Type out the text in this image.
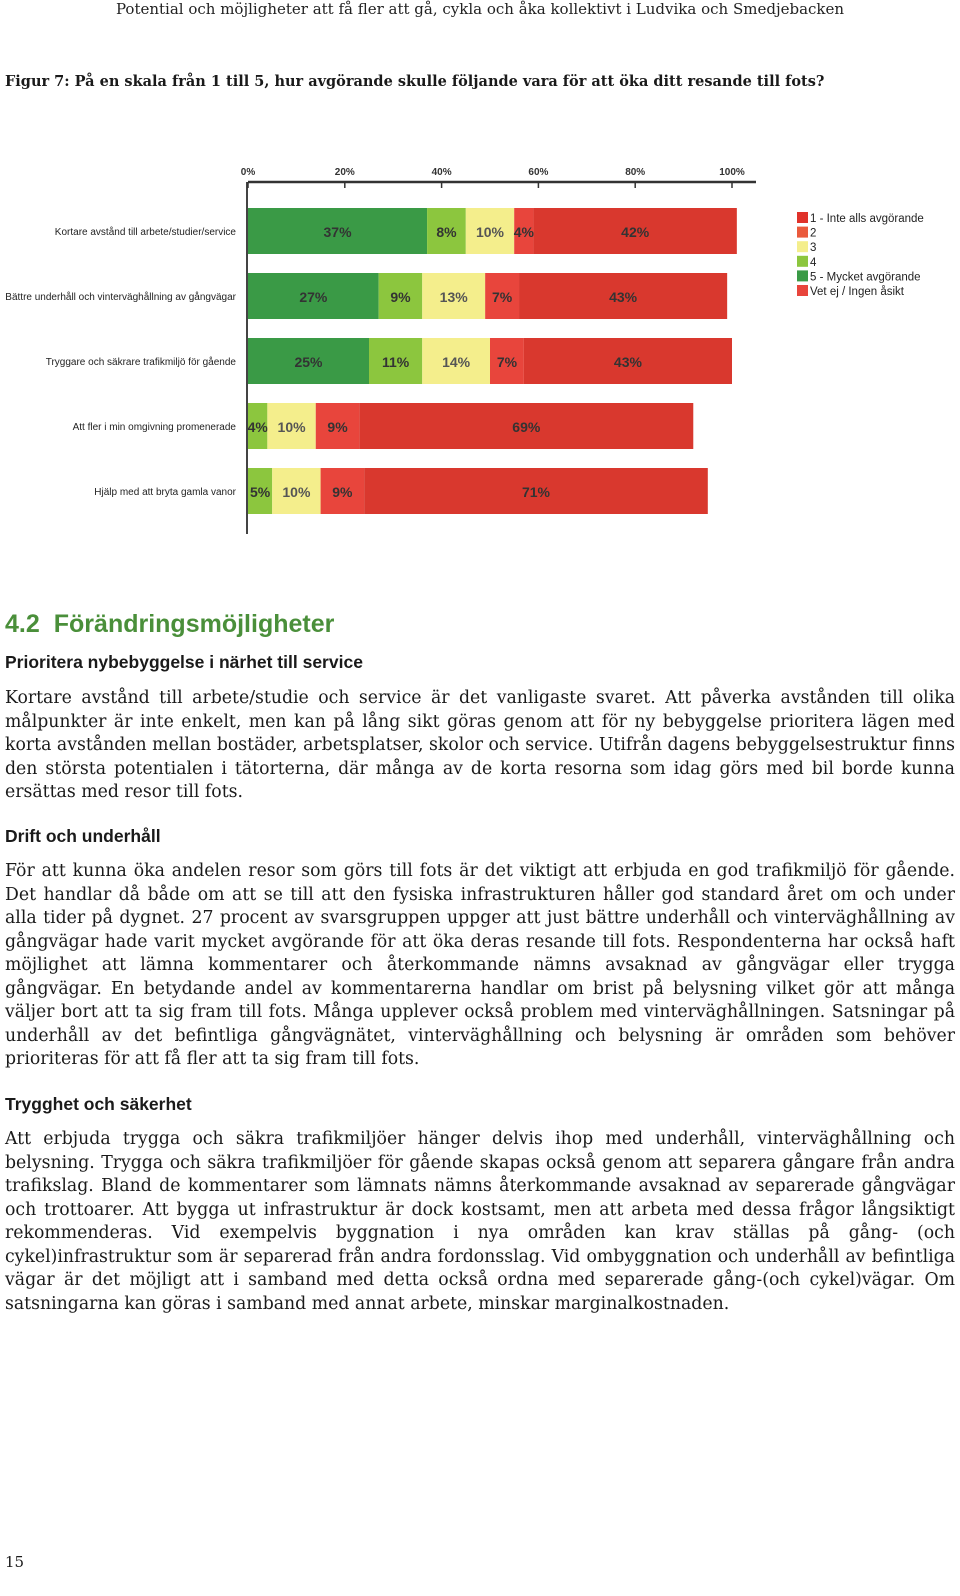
Potential och möjligheter att få fler att gå, cykla och åka kollektivt i Ludvika och Smedjebacken
Figur 7: På en skala från 1 till 5, hur avgörande skulle följande vara för att öka ditt resande till fots?
0%	20%	40%	60%	80%	100%
Kortare avstånd till arbete/studier/service	37%	8% 10% 4%	42%
Bättre underhåll och vinterväghållning av gångvägar	27%	9% 13% 7%	43%
Tryggare och säkrare trafikmiljö för gående	25%	11% 14% 7%	43%
Att fler i min omgivning promenerade 4% 10% 9%	69%
Hjälp med att bryta gamla vanor 5% 10% 9%	71%
1 - Inte alls avgörande
2
3
4
5 - Mycket avgörande
Vet ej / Ingen åsikt
4.2 Förändringsmöjligheter
Prioritera nybebyggelse i närhet till service
Kortare avstånd till arbete/studie och service är det vanligaste svaret. Att påverka avstånden till olika målpunkter är inte enkelt, men kan på lång sikt göras genom att för ny bebyggelse prioritera lägen med korta avstånden mellan bostäder, arbetsplatser, skolor och service. Utifrån dagens bebyggelsestruktur finns den största potentialen i tätorterna, där många av de korta resorna som idag görs med bil borde kunna ersättas med resor till fots.
Drift och underhåll
För att kunna öka andelen resor som görs till fots är det viktigt att erbjuda en god trafikmiljö för gående. Det handlar då både om att se till att den fysiska infrastrukturen håller god standard året om och under alla tider på dygnet. 27 procent av svarsgruppen uppger att just bättre underhåll och vinterväghållning av gångvägar hade varit mycket avgörande för att öka deras resande till fots. Respondenterna har också haft möjlighet att lämna kommentarer och återkommande nämns avsaknad av gångvägar eller trygga gångvägar. En betydande andel av kommentarerna handlar om brist på belysning vilket gör att många väljer bort att ta sig fram till fots. Många upplever också problem med vinterväghållningen. Satsningar på underhåll av det befintliga gångvägnätet, vinterväghållning och belysning är områden som behöver prioriteras för att få fler att ta sig fram till fots.
Trygghet och säkerhet
Att erbjuda trygga och säkra trafikmiljöer hänger delvis ihop med underhåll, vinterväghållning och belysning. Trygga och säkra trafikmiljöer för gående skapas också genom att separera gångare från andra trafikslag. Bland de kommentarer som lämnats nämns återkommande avsaknad av separerade gångvägar och trottoarer. Att bygga ut infrastruktur är dock kostsamt, men att arbeta med dessa frågor långsiktigt rekommenderas. Vid exempelvis byggnation i nya områden kan krav ställas på gång- (och cykel)infrastruktur som är separerad från andra fordonsslag. Vid ombyggnation och underhåll av befintliga vägar är det möjligt att i samband med detta också ordna med separerade gång-(och cykel)vägar. Om satsningarna kan göras i samband med annat arbete, minskar marginalkostnaden.
15
